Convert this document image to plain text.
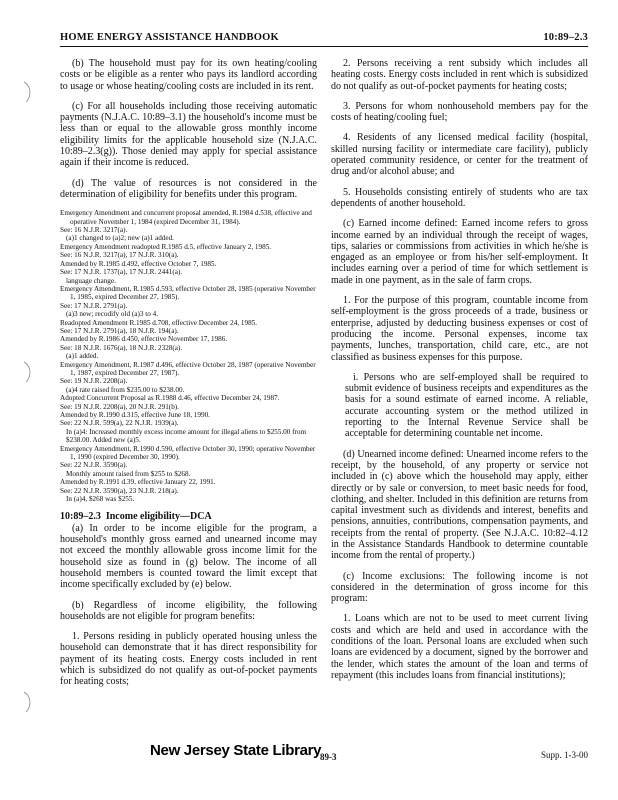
HOME ENERGY ASSISTANCE HANDBOOK	10:89–2.3

(b) The household must pay for its own heating/cooling costs or be eligible as a renter who pays its landlord according to usage or whose heating/cooling costs are included in its rent.

(c) For all households including those receiving automatic payments (N.J.A.C. 10:89–3.1) the household's income must be less than or equal to the allowable gross monthly income eligibility limits for the applicable household size (N.J.A.C. 10:89–2.3(g)). Those denied may apply for special assistance again if their income is reduced.

(d) The value of resources is not considered in the determination of eligibility for benefits under this program.

Emergency Amendment and concurrent proposal amended, R.1984 d.538, effective and operative November 1, 1984 (expired December 31, 1984).
See: 16 N.J.R. 3217(a).
(a)1 changed to (a)2; new (a)1 added.
Emergency Amendment readopted R.1985 d.5, effective January 2, 1985.
See: 16 N.J.R. 3217(a), 17 N.J.R. 310(a).
Amended by R.1985 d.492, effective October 7, 1985.
See: 17 N.J.R. 1737(a), 17 N.J.R. 2441(a).
language change.
Emergency Amendment, R.1985 d.593, effective October 28, 1985 (operative November 1, 1985, expired December 27, 1985).
See: 17 N.J.R. 2791(a).
(a)3 new; recodify old (a)3 to 4.
Readopted Amendment R.1985 d.708, effective December 24, 1985.
See: 17 N.J.R. 2791(a), 18 N.J.R. 194(a).
Amended by R.1986 d.450, effective November 17, 1986.
See: 18 N.J.R. 1676(a), 18 N.J.R. 2328(a).
(a)1 added.
Emergency Amendment, R.1987 d.496, effective October 28, 1987 (operative November 1, 1987, expired December 27, 1987).
See: 19 N.J.R. 2208(a).
(a)4 rate raised from $235.00 to $238.00.
Adopted Concurrent Proposal as R.1988 d.46, effective December 24, 1987.
See: 19 N.J.R. 2208(a), 20 N.J.R. 291(b).
Amended by R.1990 d.315, effective June 18, 1990.
See: 22 N.J.R. 599(a), 22 N.J.R. 1939(a).
In (a)4: Increased monthly excess income amount for illegal aliens to $255.00 from $238.00. Added new (a)5.
Emergency Amendment, R.1990 d.590, effective October 30, 1990; operative November 1, 1990 (expired December 30, 1990).
See: 22 N.J.R. 3590(a).
Monthly amount raised from $255 to $268.
Amended by R.1991 d.39, effective January 22, 1991.
See: 22 N.J.R. 3590(a), 23 N.J.R. 218(a).
In (a)4, $268 was $255.
10:89–2.3 Income eligibility—DCA

(a) In order to be income eligible for the program, a household's monthly gross earned and unearned income may not exceed the monthly allowable gross income limit for the household size as found in (g) below. The income of all household members is counted toward the limit except that income specifically excluded by (e) below.

(b) Regardless of income eligibility, the following households are not eligible for program benefits:

1. Persons residing in publicly operated housing unless the household can demonstrate that it has direct responsibility for payment of its heating costs. Energy costs included in rent which is subsidized do not qualify as out-of-pocket payments for heating costs;

2. Persons receiving a rent subsidy which includes all heating costs. Energy costs included in rent which is subsidized do not qualify as out-of-pocket payments for heating costs;

3. Persons for whom nonhousehold members pay for the costs of heating/cooling fuel;

4. Residents of any licensed medical facility (hospital, skilled nursing facility or intermediate care facility), publicly operated community residence, or center for the treatment of drug and/or alcohol abuse; and

5. Households consisting entirely of students who are tax dependents of another household.

(c) Earned income defined: Earned income refers to gross income earned by an individual through the receipt of wages, tips, salaries or commissions from activities in which he/she is engaged as an employee or from his/her self-employment. It includes earning over a period of time for which settlement is made in one payment, as in the sale of farm crops.

1. For the purpose of this program, countable income from self-employment is the gross proceeds of a trade, business or enterprise, adjusted by deducting business expenses or cost of producing the income. Personal expenses, income tax payments, lunches, transportation, child care, etc., are not classified as business expenses for this purpose.

i. Persons who are self-employed shall be required to submit evidence of business receipts and expenditures as the basis for a sound estimate of earned income. A reliable, accurate accounting system or the method utilized in reporting to the Internal Revenue Service shall be acceptable for determining countable net income.

(d) Unearned income defined: Unearned income refers to the receipt, by the household, of any property or service not included in (c) above which the household may apply, either directly or by sale or conversion, to meet basic needs for food, clothing, and shelter. Included in this definition are returns from capital investment such as dividends and interest, benefits and pensions, annuities, contributions, compensation payments, and receipts from the rental of property. (See N.J.A.C. 10:82–4.12 in the Assistance Standards Handbook to determine countable income from the rental of property.)

(c) Income exclusions: The following income is not considered in the determination of gross income for this program:

1. Loans which are not to be used to meet current living costs and which are held and used in accordance with the conditions of the loan. Personal loans are excluded when such loans are evidenced by a document, signed by the borrower and the lender, which states the amount of the loan and terms of repayment (this includes loans from financial institutions);

New Jersey State Library
89-3	Supp. 1-3-00
